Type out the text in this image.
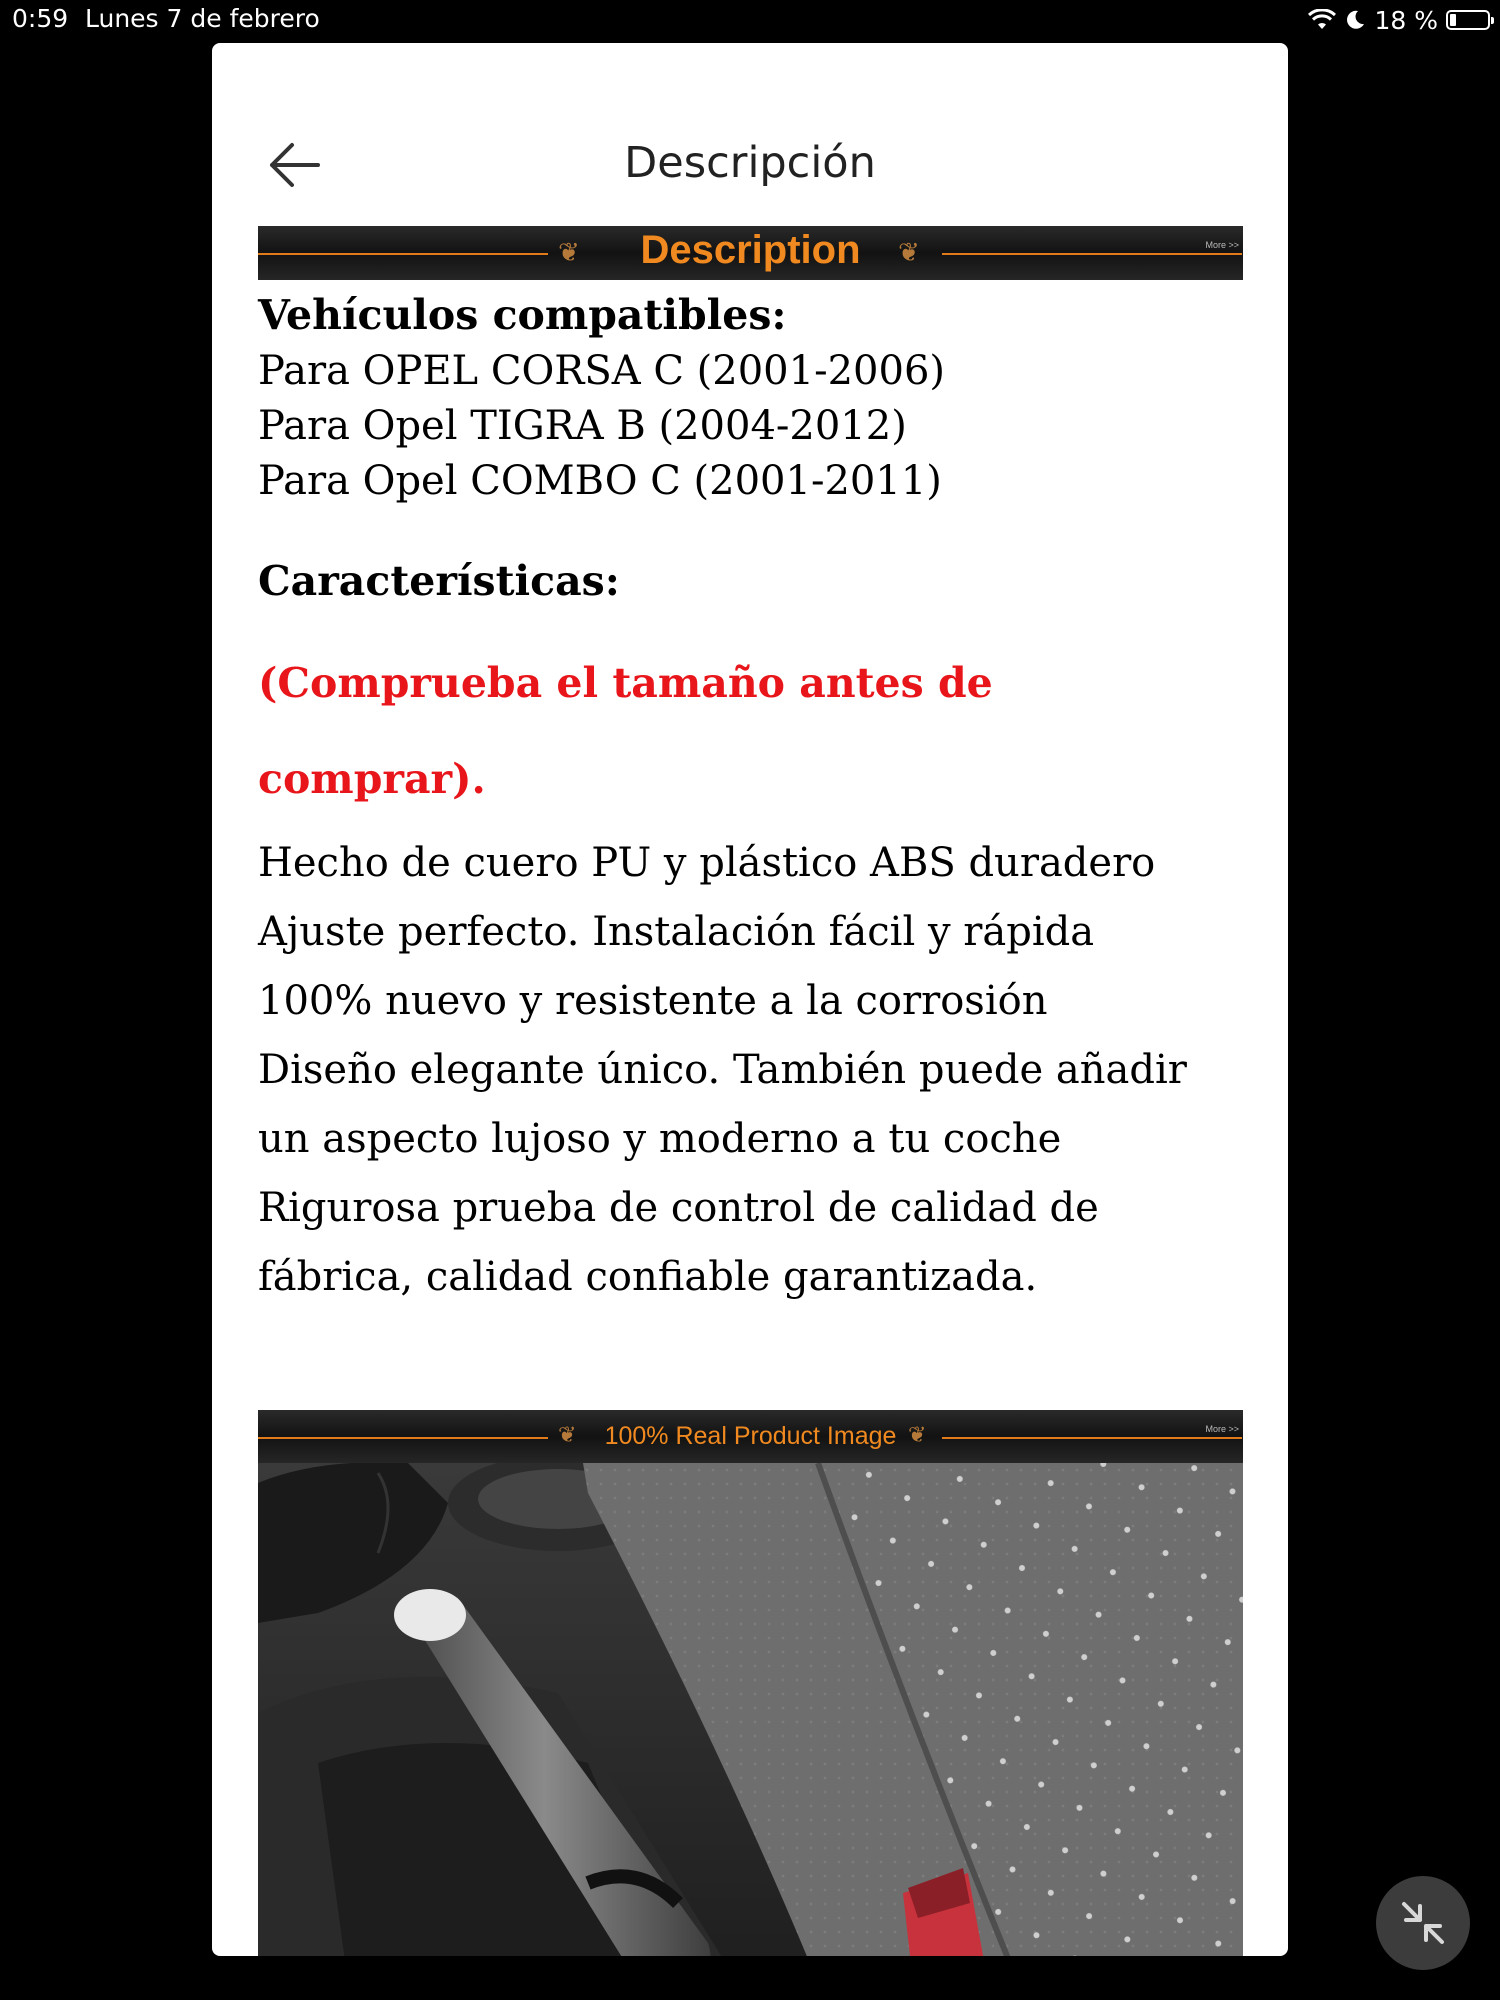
0:59 Lunes 7 de febrero	18 %
Descripción
❦	Description	❦	More >>

Vehículos compatibles:

Para OPEL CORSA C (2001-2006)

Para Opel TIGRA B (2004-2012)

Para Opel COMBO C (2001-2011)

Características:

(Comprueba el tamaño antes de

comprar).

Hecho de cuero PU y plástico ABS duradero

Ajuste perfecto. Instalación fácil y rápida

100% nuevo y resistente a la corrosión

Diseño elegante único. También puede añadir

un aspecto lujoso y moderno a tu coche

Rigurosa prueba de control de calidad de

fábrica, calidad confiable garantizada.

❦	100% Real Product Image ❦	More >>
